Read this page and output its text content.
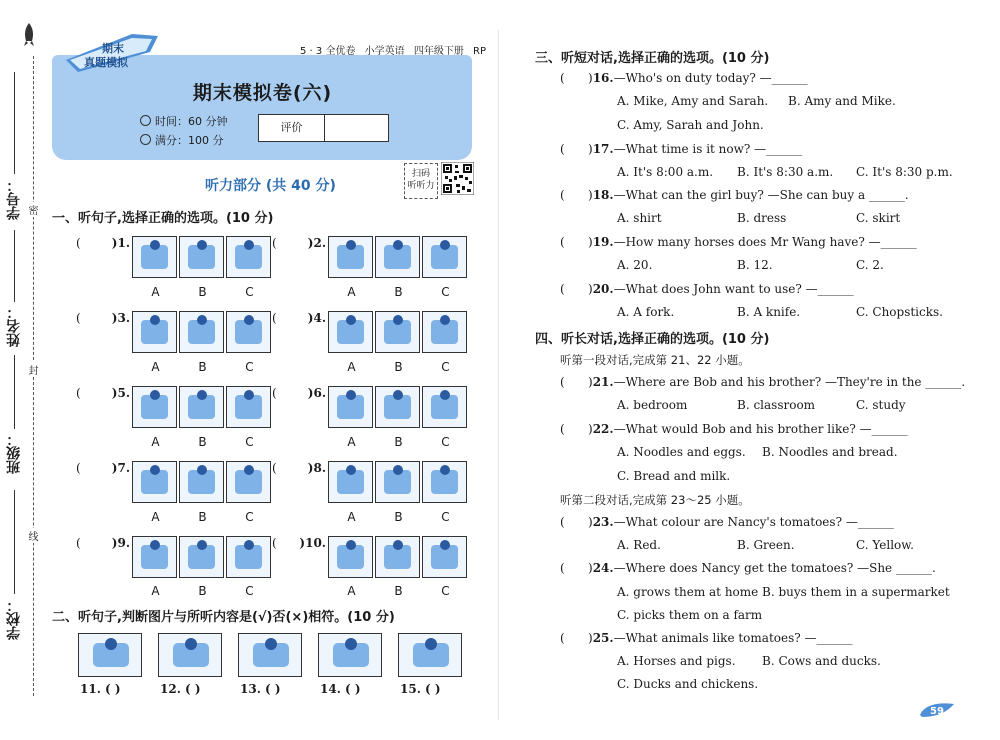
学号：
姓名：
班级：
学校：
密
封
线
期末
真题模拟
5 · 3 全优卷 小学英语 四年级下册 RP
期末模拟卷(六)
时间：60 分钟
满分：100 分
评价
听力部分 (共 40 分)
扫码
听听力
一、听句子,选择正确的选项。(10 分)
(	)1.	(	)2.
A	B	C	A	B	C
(	)3.	(	)4.
A	B	C	A	B	C
(	)5.	(	)6.
A	B	C	A	B	C
(	)7.	(	)8.
A	B	C	A	B	C
(	)9.	(	)10.
A	B	C	A	B	C
二、听句子,判断图片与所听内容是(√)否(×)相符。(10 分)
11. ( )	12. ( )	13. ( )	14. ( )	15. ( )
三、听短对话,选择正确的选项。(10 分)
( )16.—Who's on duty today? —______
A. Mike, Amy and Sarah. B. Amy and Mike.
C. Amy, Sarah and John.
( )17.—What time is it now? —______
A. It's 8:00 a.m. B. It's 8:30 a.m. C. It's 8:30 p.m.
( )18.—What can the girl buy? —She can buy a ______.
A. shirt	B. dress	C. skirt
( )19.—How many horses does Mr Wang have? —______
A. 20.	B. 12.	C. 2.
( )20.—What does John want to use? —______
A. A fork.	B. A knife.	C. Chopsticks.
四、听长对话,选择正确的选项。(10 分)
听第一段对话,完成第 21、22 小题。
( )21.—Where are Bob and his brother? —They're in the ______.
A. bedroom	B. classroom	C. study
( )22.—What would Bob and his brother like? —______
A. Noodles and eggs. B. Noodles and bread.
C. Bread and milk.
听第二段对话,完成第 23～25 小题。
( )23.—What colour are Nancy's tomatoes? —______
A. Red.	B. Green.	C. Yellow.
( )24.—Where does Nancy get the tomatoes? —She ______.
A. grows them at home B. buys them in a supermarket
C. picks them on a farm
( )25.—What animals like tomatoes? —______
A. Horses and pigs. B. Cows and ducks.
C. Ducks and chickens.
59
